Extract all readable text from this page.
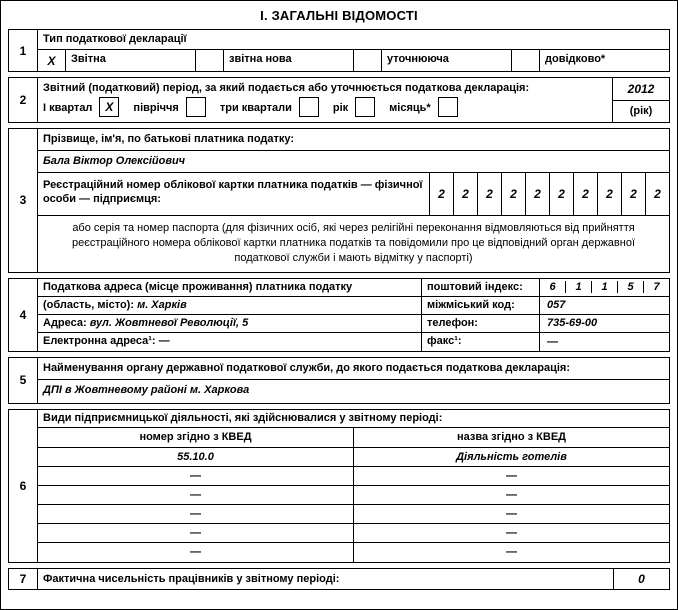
І. ЗАГАЛЬНІ ВІДОМОСТІ
1
Тип податкової декларації
X	Звітна	звітна нова	уточнююча	довідково*
2
Звітний (податковий) період, за який подається або уточнюється податкова декларація:
І квартал X півріччя	три квартали	рік	місяць*
2012
(рік)
3
Прізвище, ім'я, по батькові платника податку:
Бала Віктор Олексійович
Реєстраційний номер облікової картки платника податків — фізичної особи — підприємця:	2	2	2	2	2	2	2	2	2	2
або серія та номер паспорта (для фізичних осіб, які через релігійні переконання відмовляються від прийняття реєстраційного номера облікової картки платника податків та повідомили про це відповідний орган державної податкової служби і мають відмітку у паспорті)
4
Податкова адреса (місце проживання) платника податку	поштовий індекс:	6	1	1	5	7
(область, місто): м. Харків	міжміський код:	057
Адреса: вул. Жовтневої Революції, 5	телефон:	735-69-00
Електронна адреса¹: —	факс¹:	—
5
Найменування органу державної податкової служби, до якого подається податкова декларація:
ДПІ в Жовтневому районі м. Харкова
6
Види підприємницької діяльності, які здійснювалися у звітному періоді:
номер згідно з КВЕД	назва згідно з КВЕД
55.10.0	Діяльність готелів
—	—
—	—
—	—
—	—
—	—
7	Фактична чисельність працівників у звітному періоді:	0
